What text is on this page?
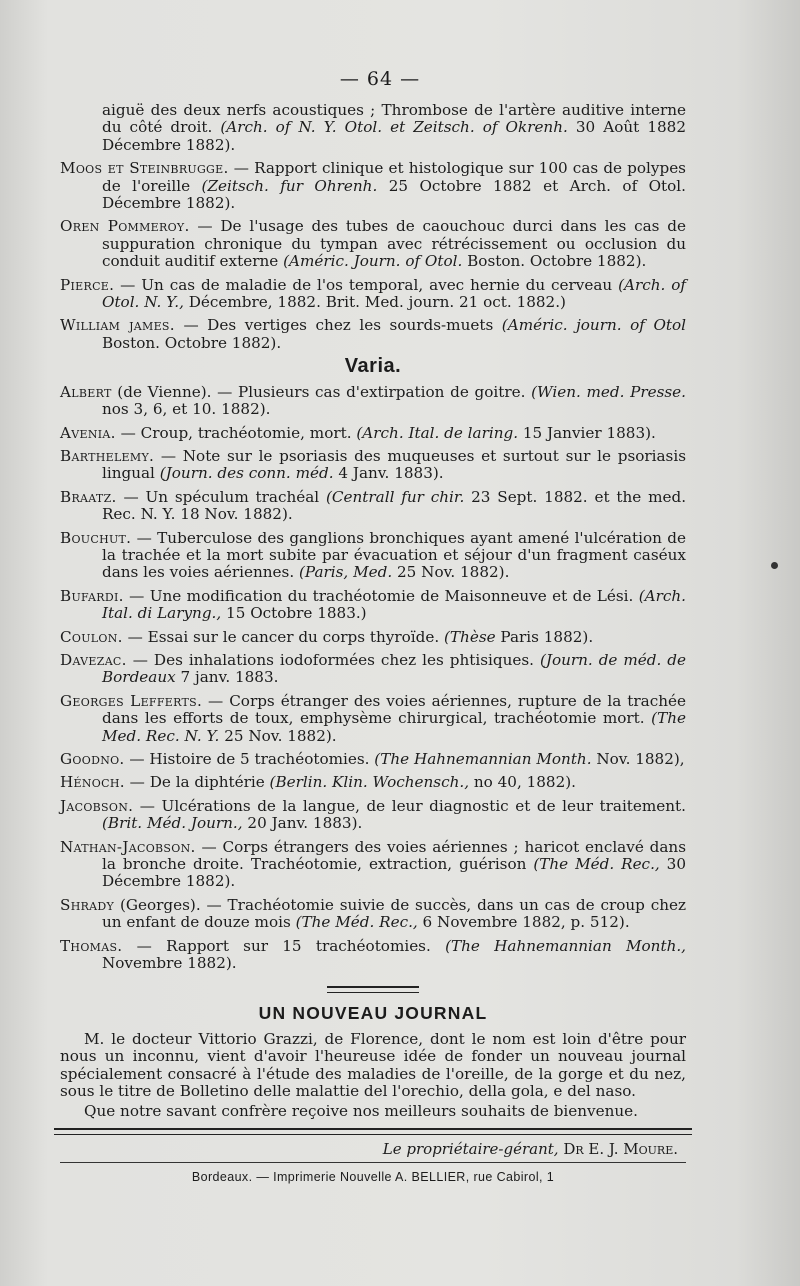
— 64 —

aiguë des deux nerfs acoustiques ; Thrombose de l'artère auditive interne du côté droit. (Arch. of N. Y. Otol. et Zeitsch. of Okrenh. 30 Août 1882 Décembre 1882).

Moos et Steinbrugge. — Rapport clinique et histologique sur 100 cas de polypes de l'oreille (Zeitsch. fur Ohrenh. 25 Octobre 1882 et Arch. of Otol. Décembre 1882).

Oren Pommeroy. — De l'usage des tubes de caouchouc durci dans les cas de suppuration chronique du tympan avec rétrécissement ou occlusion du conduit auditif externe (Améric. Journ. of Otol. Boston. Octobre 1882).

Pierce. — Un cas de maladie de l'os temporal, avec hernie du cerveau (Arch. of Otol. N. Y., Décembre, 1882. Brit. Med. journ. 21 oct. 1882.)

William james. — Des vertiges chez les sourds-muets (Améric. journ. of Otol Boston. Octobre 1882).

Varia.

Albert (de Vienne). — Plusieurs cas d'extirpation de goitre. (Wien. med. Presse. nos 3, 6, et 10. 1882).

Avenia. — Croup, trachéotomie, mort. (Arch. Ital. de laring. 15 Janvier 1883).

Barthelemy. — Note sur le psoriasis des muqueuses et surtout sur le psoriasis lingual (Journ. des conn. méd. 4 Janv. 1883).

Braatz. — Un spéculum trachéal (Centrall fur chir. 23 Sept. 1882. et the med. Rec. N. Y. 18 Nov. 1882).

Bouchut. — Tuberculose des ganglions bronchiques ayant amené l'ulcération de la trachée et la mort subite par évacuation et séjour d'un fragment caséux dans les voies aériennes. (Paris, Med. 25 Nov. 1882).

Bufardi. — Une modification du trachéotomie de Maisonneuve et de Lési. (Arch. Ital. di Laryng., 15 Octobre 1883.)

Coulon. — Essai sur le cancer du corps thyroïde. (Thèse Paris 1882).

Davezac. — Des inhalations iodoformées chez les phtisiques. (Journ. de méd. de Bordeaux 7 janv. 1883.

Georges Lefferts. — Corps étranger des voies aériennes, rupture de la trachée dans les efforts de toux, emphysème chirurgical, trachéotomie mort. (The Med. Rec. N. Y. 25 Nov. 1882).

Goodno. — Histoire de 5 trachéotomies. (The Hahnemannian Month. Nov. 1882),

Hénoch. — De la diphtérie (Berlin. Klin. Wochensch., no 40, 1882).

Jacobson. — Ulcérations de la langue, de leur diagnostic et de leur traitement. (Brit. Méd. Journ., 20 Janv. 1883).

Nathan-Jacobson. — Corps étrangers des voies aériennes ; haricot enclavé dans la bronche droite. Trachéotomie, extraction, guérison (The Méd. Rec., 30 Décembre 1882).

Shrady (Georges). — Trachéotomie suivie de succès, dans un cas de croup chez un enfant de douze mois (The Méd. Rec., 6 Novembre 1882, p. 512).

Thomas. — Rapport sur 15 trachéotomies. (The Hahnemannian Month., Novembre 1882).

UN NOUVEAU JOURNAL

M. le docteur Vittorio Grazzi, de Florence, dont le nom est loin d'être pour nous un inconnu, vient d'avoir l'heureuse idée de fonder un nouveau journal spécialement consacré à l'étude des maladies de l'oreille, de la gorge et du nez, sous le titre de Bolletino delle malattie del l'orechio, della gola, e del naso.

Que notre savant confrère reçoive nos meilleurs souhaits de bienvenue.

Le propriétaire-gérant, Dr E. J. Moure.
Bordeaux. — Imprimerie Nouvelle A. BELLIER, rue Cabirol, 1
